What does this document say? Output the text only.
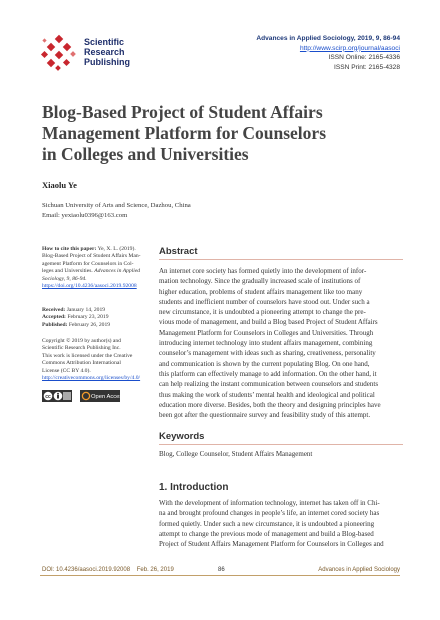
Scientific
Research
Publishing
Advances in Applied Sociology, 2019, 9, 86-94
http://www.scirp.org/journal/aasoci
ISSN Online: 2165-4336
ISSN Print: 2165-4328
Blog-Based Project of Student Affairs
Management Platform for Counselors
in Colleges and Universities
Xiaolu Ye
Sichuan University of Arts and Science, Dazhou, China
Email: yexiaolu0396@163.com
How to cite this paper: Ye, X. L. (2019).
Blog-Based Project of Student Affairs Man-
agement Platform for Counselors in Col-
leges and Universities. Advances in Applied
Sociology, 9, 86-94.
https://doi.org/10.4236/aasoci.2019.92008
Received: January 14, 2019
Accepted: February 23, 2019
Published: February 26, 2019
Copyright © 2019 by author(s) and
Scientific Research Publishing Inc.
This work is licensed under the Creative
Commons Attribution International
License (CC BY 4.0).
http://creativecommons.org/licenses/by/4.0/
cc	Open Access
Abstract
An internet core society has formed quietly into the development of infor-
mation technology. Since the gradually increased scale of institutions of
higher education, problems of student affairs management like too many
students and inefficient number of counselors have stood out. Under such a
new circumstance, it is undoubted a pioneering attempt to change the pre-
vious mode of management, and build a Blog based Project of Student Affairs
Management Platform for Counselors in Colleges and Universities. Through
introducing internet technology into student affairs management, combining
counselor’s management with ideas such as sharing, creativeness, personality
and communication is shown by the current populating Blog. On one hand,
this platform can effectively manage to add information. On the other hand, it
can help realizing the instant communication between counselors and students
thus making the work of students’ mental health and ideological and political
education more diverse. Besides, both the theory and designing principles have
been got after the questionnaire survey and feasibility study of this attempt.
Keywords
Blog, College Counselor, Student Affairs Management
1. Introduction
With the development of information technology, internet has taken off in Chi-
na and brought profound changes in people’s life, an internet cored society has
formed quietly. Under such a new circumstance, it is undoubted a pioneering
attempt to change the previous mode of management and build a Blog-based
Project of Student Affairs Management Platform for Counselors in Colleges and
DOI: 10.4236/aasoci.2019.92008 Feb. 26, 2019	86	Advances in Applied Sociology
